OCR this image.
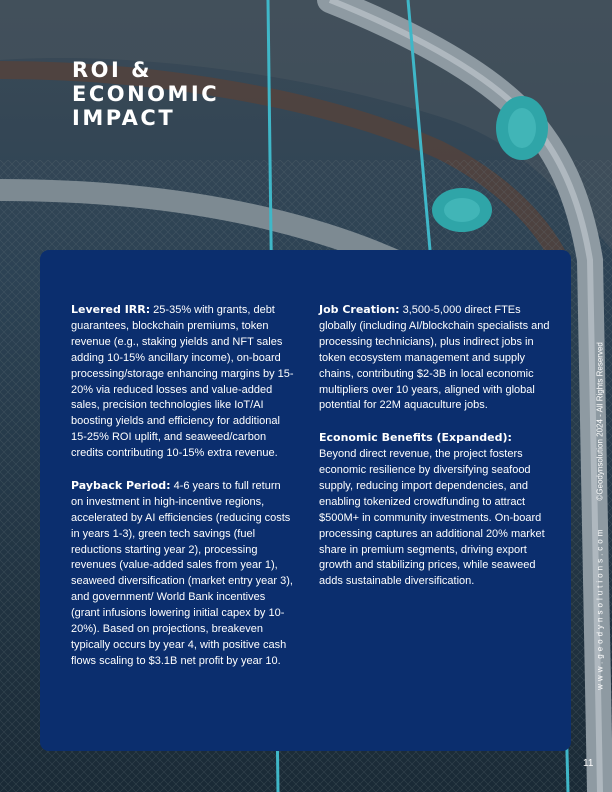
ROI &
ECONOMIC
IMPACT

Levered IRR: 25-35% with grants, debt guarantees, blockchain premiums, token revenue (e.g., staking yields and NFT sales adding 10-15% ancillary income), on-board processing/storage enhancing margins by 15-20% via reduced losses and value-added sales, precision technologies like IoT/AI boosting yields and efficiency for additional 15-25% ROI uplift, and seaweed/carbon credits contributing 10-15% extra revenue.

Payback Period: 4-6 years to full return on investment in high-incentive regions, accelerated by AI efficiencies (reducing costs in years 1-3), green tech savings (fuel reductions starting year 2), processing revenues (value-added sales from year 1), seaweed diversification (market entry year 3), and government/ World Bank incentives (grant infusions lowering initial capex by 10-20%). Based on projections, breakeven typically occurs by year 4, with positive cash flows scaling to $3.1B net profit by year 10.

Job Creation: 3,500-5,000 direct FTEs globally (including AI/blockchain specialists and processing technicians), plus indirect jobs in token ecosystem management and supply chains, contributing $2-3B in local economic multipliers over 10 years, aligned with global potential for 22M aquaculture jobs.

Economic Benefits (Expanded):
Beyond direct revenue, the project fosters economic resilience by diversifying seafood supply, reducing import dependencies, and enabling tokenized crowdfunding to attract $500M+ in community investments. On-board processing captures an additional 20% market share in premium segments, driving export growth and stabilizing prices, while seaweed adds sustainable diversification.	www.geodynsolutions.com©Geodynsolution 2024 - All Rights Reserved
11
